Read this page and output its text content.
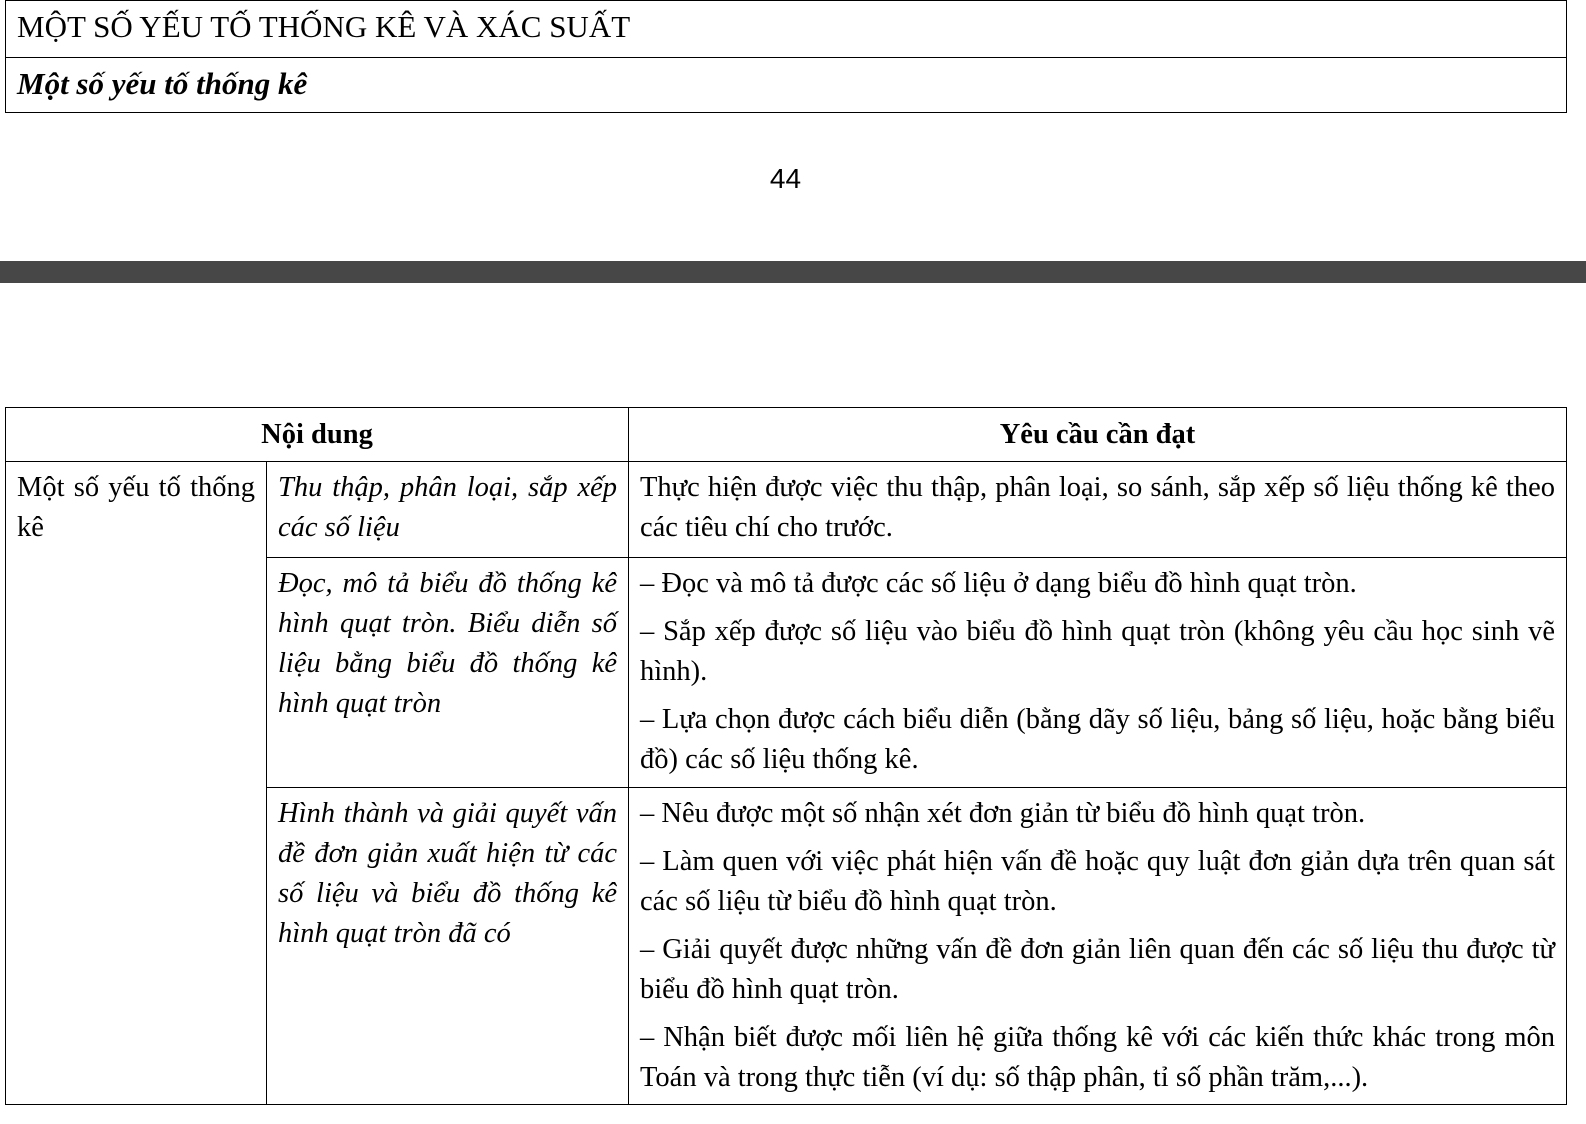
MỘT SỐ YẾU TỐ THỐNG KÊ VÀ XÁC SUẤT
Một số yếu tố thống kê
44
Nội dung		Yêu cầu cần đạt

Một số yếu tố thống kê	Thu thập, phân loại, sắp xếp các số liệu	Thực hiện được việc thu thập, phân loại, so sánh, sắp xếp số liệu thống kê theo các tiêu chí cho trước.

	Đọc, mô tả biểu đồ thống kê hình quạt tròn. Biểu diễn số liệu bằng biểu đồ thống kê hình quạt tròn	– Đọc và mô tả được các số liệu ở dạng biểu đồ hình quạt tròn.

– Sắp xếp được số liệu vào biểu đồ hình quạt tròn (không yêu cầu học sinh vẽ hình).

– Lựa chọn được cách biểu diễn (bằng dãy số liệu, bảng số liệu, hoặc bằng biểu đồ) các số liệu thống kê.

	Hình thành và giải quyết vấn đề đơn giản xuất hiện từ các số liệu và biểu đồ thống kê hình quạt tròn đã có	– Nêu được một số nhận xét đơn giản từ biểu đồ hình quạt tròn.

– Làm quen với việc phát hiện vấn đề hoặc quy luật đơn giản dựa trên quan sát các số liệu từ biểu đồ hình quạt tròn.

– Giải quyết được những vấn đề đơn giản liên quan đến các số liệu thu được từ biểu đồ hình quạt tròn.

– Nhận biết được mối liên hệ giữa thống kê với các kiến thức khác trong môn Toán và trong thực tiễn (ví dụ: số thập phân, tỉ số phần trăm,...).
